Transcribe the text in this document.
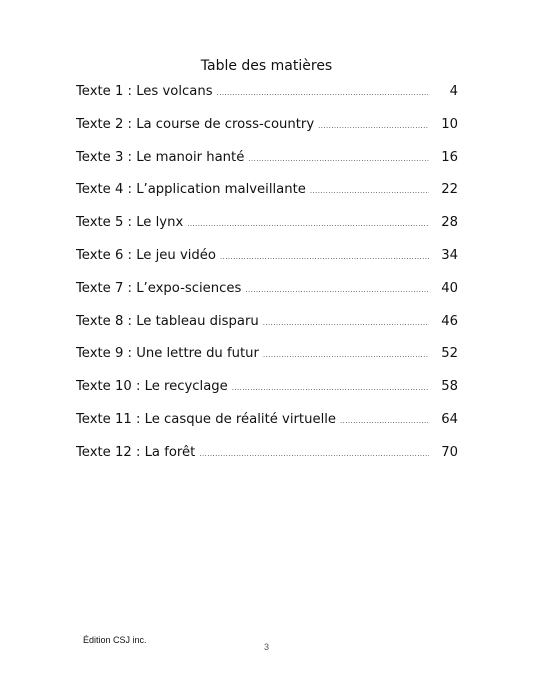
Table des matières
Texte 1 : Les volcans .....	4
Texte 2 : La course de cross-country .....	10
Texte 3 : Le manoir hanté .....	16
Texte 4 : L’application malveillante .....	22
Texte 5 : Le lynx .....	28
Texte 6 : Le jeu vidéo .....	34
Texte 7 : L’expo-sciences .....	40
Texte 8 : Le tableau disparu .....	46
Texte 9 : Une lettre du futur .....	52
Texte 10 : Le recyclage .....	58
Texte 11 : Le casque de réalité virtuelle .....	64
Texte 12 : La forêt .....	70
Édition CSJ inc.
3
